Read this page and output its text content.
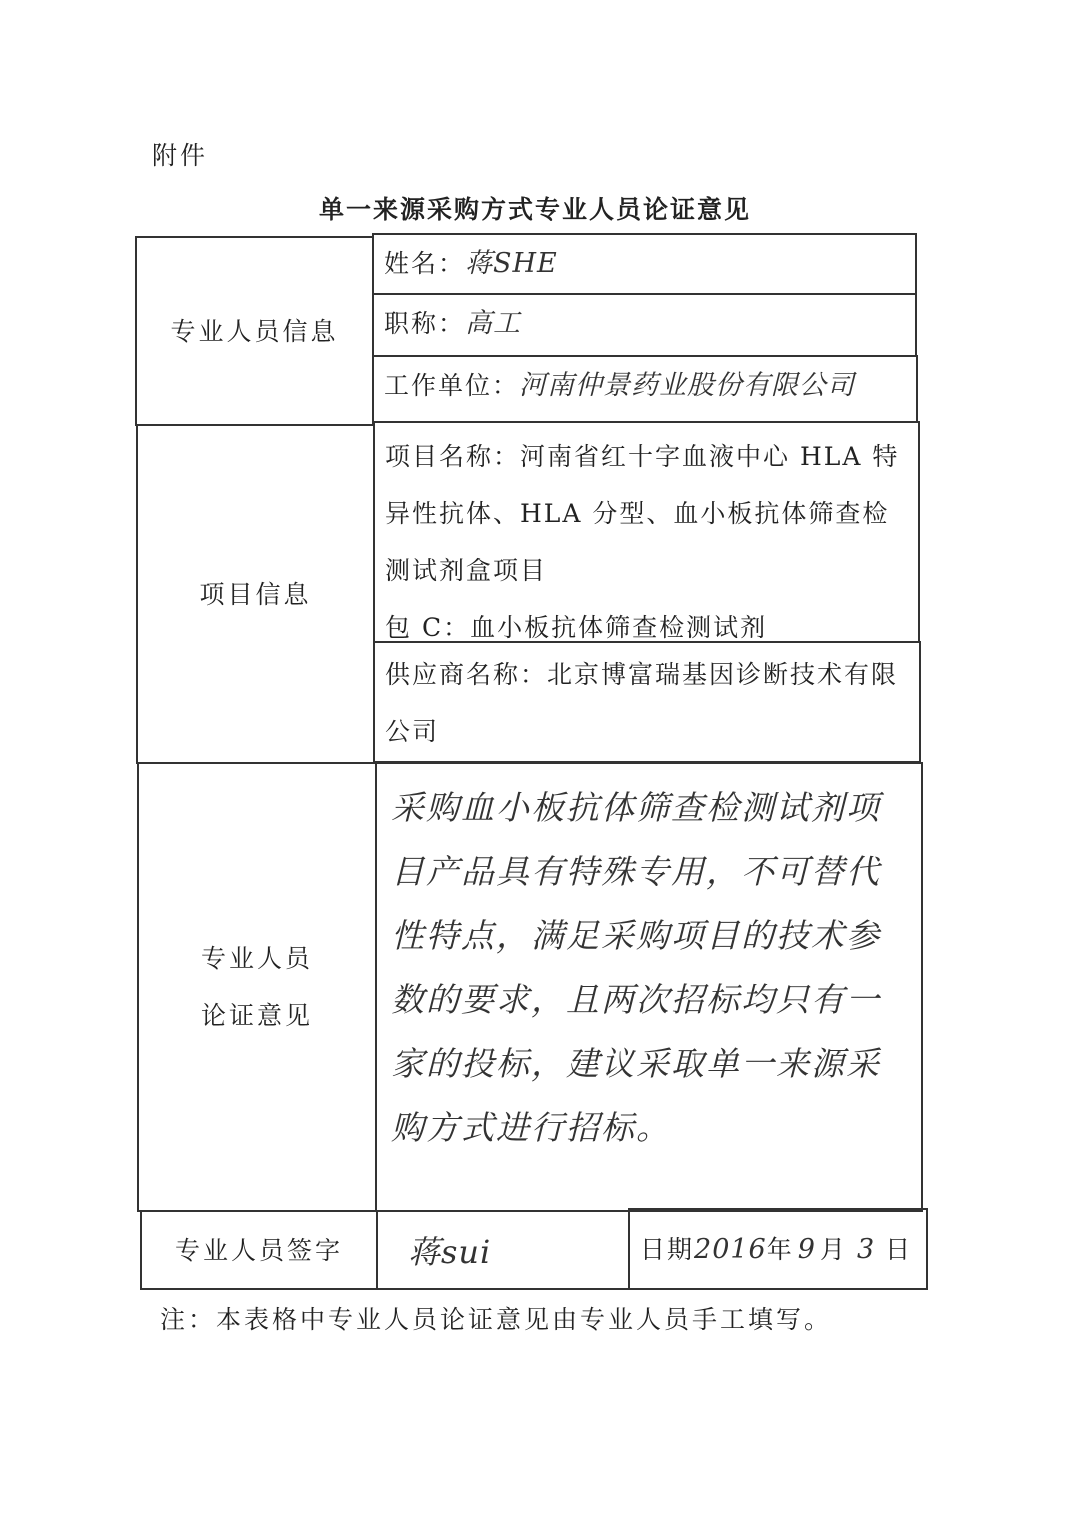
附件
单一来源采购方式专业人员论证意见
专业人员信息
姓名：蒋SHE
职称：高工
工作单位：河南仲景药业股份有限公司
项目信息
项目名称：河南省红十字血液中心 HLA 特异性抗体、HLA 分型、血小板抗体筛查检测试剂盒项目
包 C：血小板抗体筛查检测试剂
供应商名称：北京博富瑞基因诊断技术有限公司
专业人员
论证意见
采购血小板抗体筛查检测试剂项目产品具有特殊专用，不可替代性特点，满足采购项目的技术参数的要求，且两次招标均只有一家的投标，建议采取单一来源采购方式进行招标。
专业人员签字 蒋sui	日期 2016 年 9 月 3 日
注：本表格中专业人员论证意见由专业人员手工填写。
